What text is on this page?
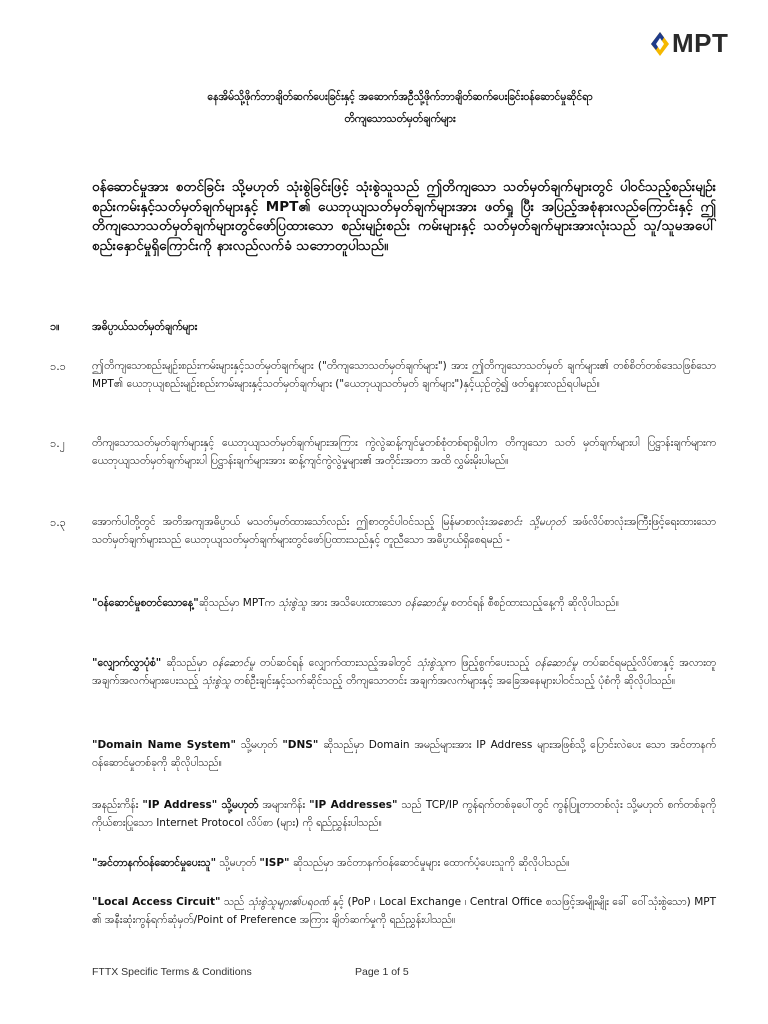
MPT
နေအိမ်သို့ဖိုက်ဘာချိတ်ဆက်ပေးခြင်းနှင့် အဆောက်အဦသို့ဖိုက်ဘာချိတ်ဆက်ပေးခြင်းဝန်ဆောင်မှုဆိုင်ရာ
တိကျသောသတ်မှတ်ချက်များ
ဝန်ဆောင်မှုအား စတင်ခြင်း သို့မဟုတ် သုံးစွဲခြင်းဖြင့် သုံးစွဲသူသည် ဤတိကျသော သတ်မှတ်ချက်များတွင် ပါဝင်သည့်စည်းမျဉ်းစည်းကမ်းနှင့်သတ်မှတ်ချက်များနှင့် MPT၏ ယေဘုယျသတ်မှတ်ချက်များအား ဖတ်ရှု ပြီး အပြည့်အစုံနားလည်ကြောင်းနှင့် ဤတိကျသောသတ်မှတ်ချက်များတွင်ဖော်ပြထားသော စည်းမျဉ်းစည်း ကမ်းများနှင့် သတ်မှတ်ချက်များအားလုံးသည် သူ/သူမအပေါ် စည်းနှောင်မှုရှိကြောင်းကို နားလည်လက်ခံ သဘောတူပါသည်။
၁။	အဓိပ္ပာယ်သတ်မှတ်ချက်များ
၁.၁ ဤတိကျသောစည်းမျဉ်းစည်းကမ်းများနှင့်သတ်မှတ်ချက်များ ("တိကျသောသတ်မှတ်ချက်များ") အား ဤတိကျသောသတ်မှတ် ချက်များ၏ တစ်စိတ်တစ်ဒေသဖြစ်သော MPT၏ ယေဘုယျစည်းမျဉ်းစည်းကမ်းများနှင့်သတ်မှတ်ချက်များ ("ယေဘုယျသတ်မှတ် ချက်များ")နှင့်ယှဉ်တွဲ၍ ဖတ်ရှုနားလည်ရပါမည်။
၁.၂	တိကျသောသတ်မှတ်ချက်များနှင့် ယေဘုယျသတ်မှတ်ချက်များအကြား ကွဲလွဲဆန့်ကျင်မှုတစ်စုံတစ်ရာရှိပါက တိကျသော သတ် မှတ်ချက်များပါ ပြဋ္ဌာန်းချက်များက ယေဘုယျသတ်မှတ်ချက်များပါ ပြဋ္ဌာန်းချက်များအား ဆန့်ကျင်ကွဲလွဲမှုများ၏ အတိုင်းအတာ အထိ လွှမ်းမိုးပါမည်။
၁.၃ အောက်ပါတို့တွင် အတိအကျအဓိပ္ပာယ် မသတ်မှတ်ထားသော်လည်း ဤစာတွင်ပါဝင်သည့် မြန်မာစာလုံးအစောင်း သို့မဟုတ် အဖ်လိပ်စာလုံးအကြီးဖြင့်ရေးထားသော သတ်မှတ်ချက်များသည် ယေဘုယျသတ်မှတ်ချက်များတွင်ဖော်ပြထားသည်နှင့် တူညီသော အဓိပ္ပာယ်ရှိစေရမည် -
"ဝန်ဆောင်မှုစတင်သောနေ့"ဆိုသည်မှာ MPTက သုံးစွဲသူ အား အသိပေးထားသော ဝန်ဆောင်မှု စတင်ရန် စီစဉ်ထားသည့်နေ့ကို ဆိုလိုပါသည်။
"လျှောက်လွှာပုံစံ" ဆိုသည်မှာ ဝန်ဆောင်မှု တပ်ဆင်ရန် လျှောက်ထားသည့်အခါတွင် သုံးစွဲသူက ဖြည့်စွက်ပေးသည့် ဝန်ဆောင်မှု တပ်ဆင်ရမည့်လိပ်စာနှင့် အလားတူအချက်အလက်များပေးသည့် သုံးစွဲသူ တစ်ဦးချင်းနှင့်သက်ဆိုင်သည့် တိကျသောတင်း အချက်အလက်များနှင့် အခြေအနေများပါဝင်သည့် ပုံစံကို ဆိုလိုပါသည်။
"Domain Name System" သို့မဟုတ် "DNS" ဆိုသည်မှာ Domain အမည်များအား IP Address များအဖြစ်သို့ ပြောင်းလဲပေး သော အင်တာနက်ဝန်ဆောင်မှုတစ်ခုကို ဆိုလိုပါသည်။
အနည်းကိန်း "IP Address" သို့မဟုတ် အများကိန်း "IP Addresses" သည် TCP/IP ကွန်ရက်တစ်ခုပေါ်တွင် ကွန်ပြူတာတစ်လုံး သို့မဟုတ် စက်တစ်ခုကို ကိုယ်စားပြုသော Internet Protocol လိပ်စာ (များ) ကို ရည်ညွှန်းပါသည်။
"အင်တာနက်ဝန်ဆောင်မှုပေးသူ" သို့မဟုတ် "ISP" ဆိုသည်မှာ အင်တာနက်ဝန်ဆောင်မှုများ ထောက်ပံ့ပေးသူကို ဆိုလိုပါသည်။
"Local Access Circuit" သည် သုံးစွဲသူများ၏ပရဝဏ် နှင့် (PoP ၊ Local Exchange ၊ Central Office စသဖြင့်အမျိုးမျိုး ခေါ် ဝေါ်သုံးစွဲသော) MPT ၏ အနီးဆုံးကွန်ရက်ဆုံမှတ်/Point of Preference အကြား ချိတ်ဆက်မှုကို ရည်ညွှန်းပါသည်။
FTTX Specific Terms & Conditions	Page 1 of 5
